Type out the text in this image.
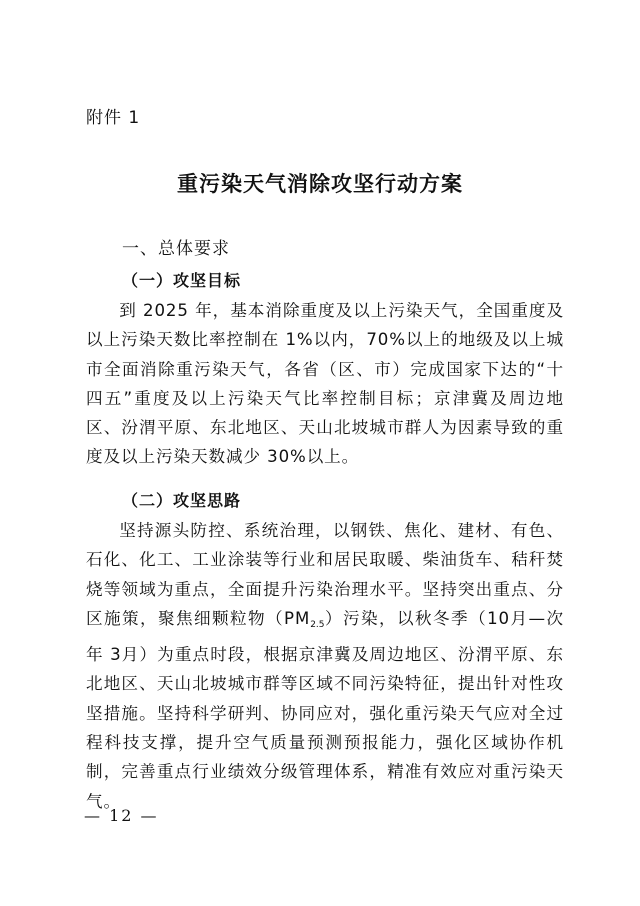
附件 1
重污染天气消除攻坚行动方案
一、总体要求
（一）攻坚目标

到 2025 年，基本消除重度及以上污染天气，全国重度及以上污染天数比率控制在 1%以内，70%以上的地级及以上城市全面消除重污染天气，各省（区、市）完成国家下达的“十四五”重度及以上污染天气比率控制目标；京津冀及周边地区、汾渭平原、东北地区、天山北坡城市群人为因素导致的重度及以上污染天数减少 30%以上。

（二）攻坚思路

坚持源头防控、系统治理，以钢铁、焦化、建材、有色、石化、化工、工业涂装等行业和居民取暖、柴油货车、秸秆焚烧等领域为重点，全面提升污染治理水平。坚持突出重点、分区施策，聚焦细颗粒物$(PM_{2.5})$污染，以秋冬季（10月—次年 3月）为重点时段，根据京津冀及周边地区、汾渭平原、东北地区、天山北坡城市群等区域不同污染特征，提出针对性攻坚措施。坚持科学研判、协同应对，强化重污染天气应对全过程科技支撑，提升空气质量预测预报能力，强化区域协作机制，完善重点行业绩效分级管理体系，精准有效应对重污染天气。

— 12 —
